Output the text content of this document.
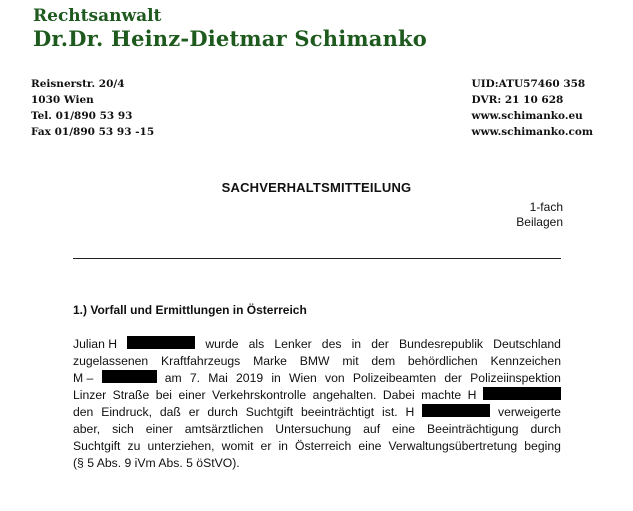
Rechtsanwalt
Dr.Dr. Heinz-Dietmar Schimanko
Reisnerstr. 20/4
1030 Wien
Tel. 01/890 53 93
Fax 01/890 53 93 -15
UID:ATU57460 358
DVR: 21 10 628
www.schimanko.eu
www.schimanko.com
SACHVERHALTSMITTEILUNG
1-fach
Beilagen
1.) Vorfall und Ermittlungen in Österreich
Julian H	wurde als Lenker des in der Bundesrepublik Deutschland
zugelassenen Kraftfahrzeugs Marke BMW mit dem behördlichen Kennzeichen
M –	am 7. Mai 2019 in Wien von Polizeibeamten der Polizeiinspektion
Linzer Straße bei einer Verkehrskontrolle angehalten. Dabei machte H
den Eindruck, daß er durch Suchtgift beeinträchtigt ist. H	verweigerte
aber, sich einer amtsärztlichen Untersuchung auf eine Beeinträchtigung durch
Suchtgift zu unterziehen, womit er in Österreich eine Verwaltungsübertretung beging
(§ 5 Abs. 9 iVm Abs. 5 öStVO).
